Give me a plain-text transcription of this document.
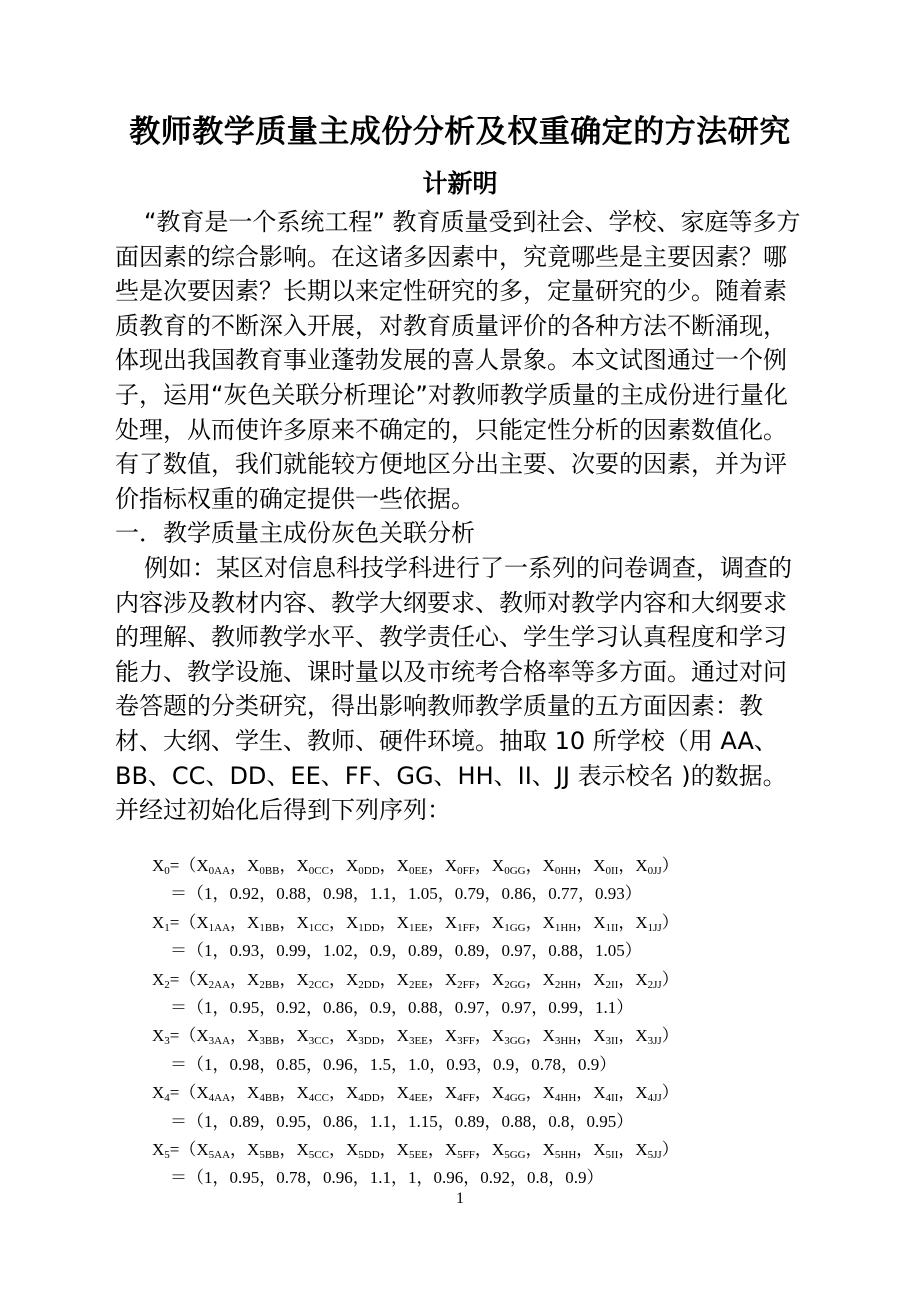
教师教学质量主成份分析及权重确定的方法研究
计新明
“教育是一个系统工程” 教育质量受到社会、学校、家庭等多方面因素的综合影响。在这诸多因素中，究竟哪些是主要因素？哪些是次要因素？长期以来定性研究的多，定量研究的少。随着素质教育的不断深入开展，对教育质量评价的各种方法不断涌现，体现出我国教育事业蓬勃发展的喜人景象。本文试图通过一个例子，运用“灰色关联分析理论”对教师教学质量的主成份进行量化处理，从而使许多原来不确定的，只能定性分析的因素数值化。有了数值，我们就能较方便地区分出主要、次要的因素，并为评价指标权重的确定提供一些依据。
一．教学质量主成份灰色关联分析
例如：某区对信息科技学科进行了一系列的问卷调查，调查的内容涉及教材内容、教学大纲要求、教师对教学内容和大纲要求的理解、教师教学水平、教学责任心、学生学习认真程度和学习能力、教学设施、课时量以及市统考合格率等多方面。通过对问卷答题的分类研究，得出影响教师教学质量的五方面因素：教材、大纲、学生、教师、硬件环境。抽取 10 所学校（用 AA、BB、CC、DD、EE、FF、GG、HH、II、JJ 表示校名 )的数据。并经过初始化后得到下列序列：
$X_0=(X_{0AA}$，$X_{0BB}$，$X_{0CC}$，$X_{0DD}$，$X_{0EE}$，$X_{0FF}$，$X_{0GG}$，$X_{0HH}$，$X_{0II}$，$X_{0JJ}$）
＝（1，0.92，0.88，0.98，1.1，1.05，0.79，0.86，0.77，0.93）
$X_1=(X_{1AA}$，$X_{1BB}$，$X_{1CC}$，$X_{1DD}$，$X_{1EE}$，$X_{1FF}$，$X_{1GG}$，$X_{1HH}$，$X_{1II}$，$X_{1JJ}$）
＝（1，0.93，0.99，1.02，0.9，0.89，0.89，0.97，0.88，1.05）
$X_2=(X_{2AA}$，$X_{2BB}$，$X_{2CC}$，$X_{2DD}$，$X_{2EE}$，$X_{2FF}$，$X_{2GG}$，$X_{2HH}$，$X_{2II}$，$X_{2JJ}$）
＝（1，0.95，0.92，0.86，0.9，0.88，0.97，0.97，0.99，1.1）
$X_3=(X_{3AA}$，$X_{3BB}$，$X_{3CC}$，$X_{3DD}$，$X_{3EE}$，$X_{3FF}$，$X_{3GG}$，$X_{3HH}$，$X_{3II}$，$X_{3JJ}$）
＝（1，0.98，0.85，0.96，1.5，1.0，0.93，0.9，0.78，0.9）
$X_4=(X_{4AA}$，$X_{4BB}$，$X_{4CC}$，$X_{4DD}$，$X_{4EE}$，$X_{4FF}$，$X_{4GG}$，$X_{4HH}$，$X_{4II}$，$X_{4JJ}$）
＝（1，0.89，0.95，0.86，1.1，1.15，0.89，0.88，0.8，0.95）
$X_5=(X_{5AA}$，$X_{5BB}$，$X_{5CC}$，$X_{5DD}$，$X_{5EE}$，$X_{5FF}$，$X_{5GG}$，$X_{5HH}$，$X_{5II}$，$X_{5JJ}$）
＝（1，0.95，0.78，0.96，1.1，1，0.96，0.92，0.8，0.9）
1
